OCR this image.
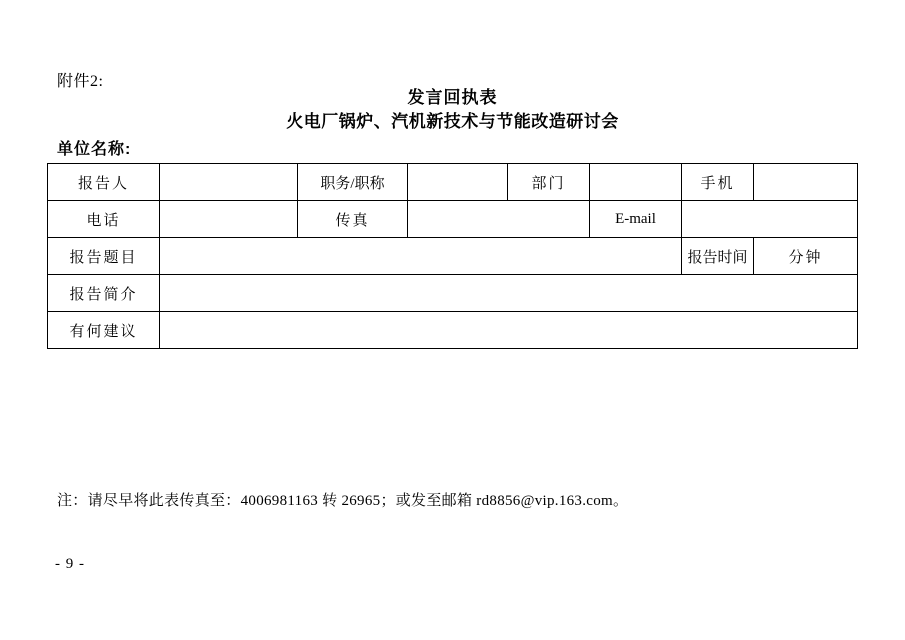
附件2:
发言回执表
火电厂锅炉、汽机新技术与节能改造研讨会
单位名称:
报告人		职务/职称		部门		手机	
电话		传真			E-mail		
报告题目						报告时间	分钟
报告简介							
有何建议							
注：请尽早将此表传真至：4006981163 转 26965；或发至邮箱 rd8856@vip.163.com。
- 9 -
